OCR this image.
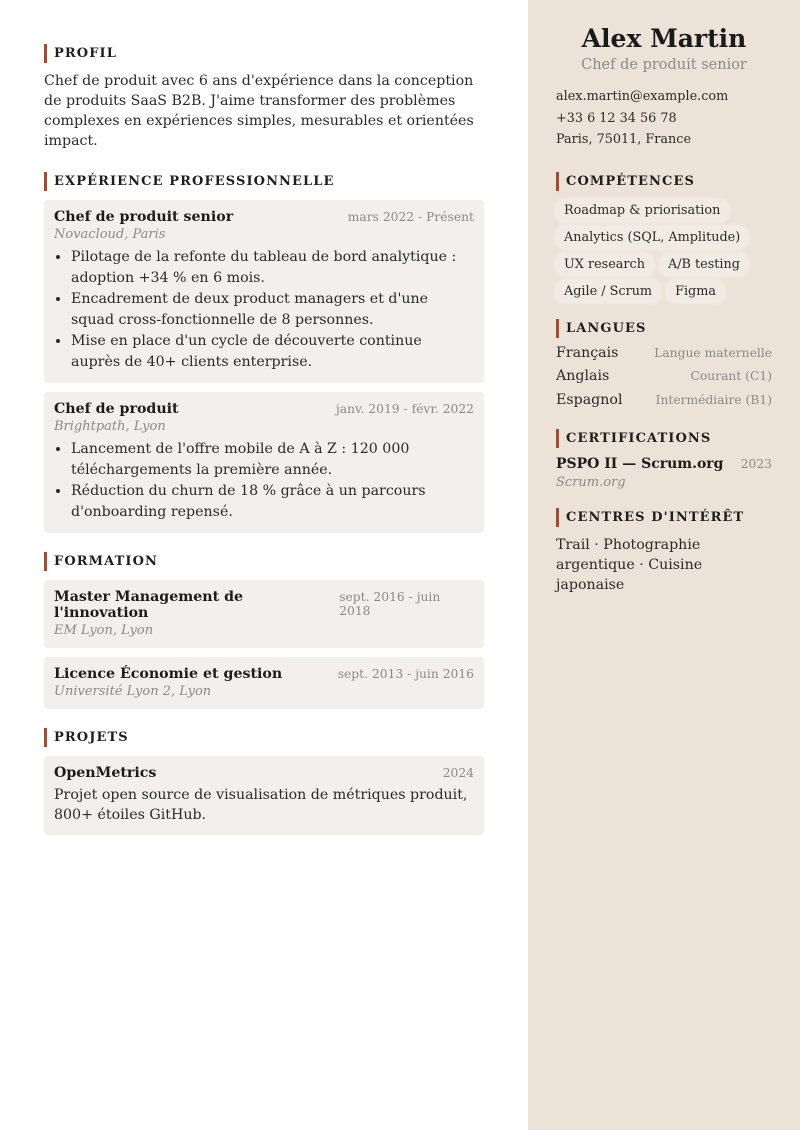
PROFIL

Chef de produit avec 6 ans d'expérience dans la conception de produits SaaS B2B. J'aime transformer des problèmes complexes en expériences simples, mesurables et orientées impact.

EXPÉRIENCE PROFESSIONNELLE
Chef de produit senior	mars 2022 - Présent
Novacloud, Paris
• Pilotage de la refonte du tableau de bord analytique : adoption +34 % en 6 mois.
• Encadrement de deux product managers et d'une squad cross-fonctionnelle de 8 personnes.
• Mise en place d'un cycle de découverte continue auprès de 40+ clients enterprise.
Chef de produit	janv. 2019 - févr. 2022
Brightpath, Lyon
• Lancement de l'offre mobile de A à Z : 120 000 téléchargements la première année.
• Réduction du churn de 18 % grâce à un parcours d'onboarding repensé.
FORMATION
Master Management de l'innovation
sept. 2016 - juin 2018
EM Lyon, Lyon
Licence Économie et gestion	sept. 2013 - juin 2016
Université Lyon 2, Lyon
PROJETS
OpenMetrics	2024
Projet open source de visualisation de métriques produit, 800+ étoiles GitHub.
Alex Martin
Chef de produit senior
alex.martin@example.com
+33 6 12 34 56 78
Paris, 75011, France
COMPÉTENCES
Roadmap & priorisation
Analytics (SQL, Amplitude)
UX research	A/B testing
Agile / Scrum	Figma
LANGUES
Français	Langue maternelle
Anglais	Courant (C1)
Espagnol	Intermédiaire (B1)
CERTIFICATIONS
PSPO II — Scrum.org 2023
Scrum.org
CENTRES D'INTÉRÊT

Trail · Photographie argentique · Cuisine japonaise
